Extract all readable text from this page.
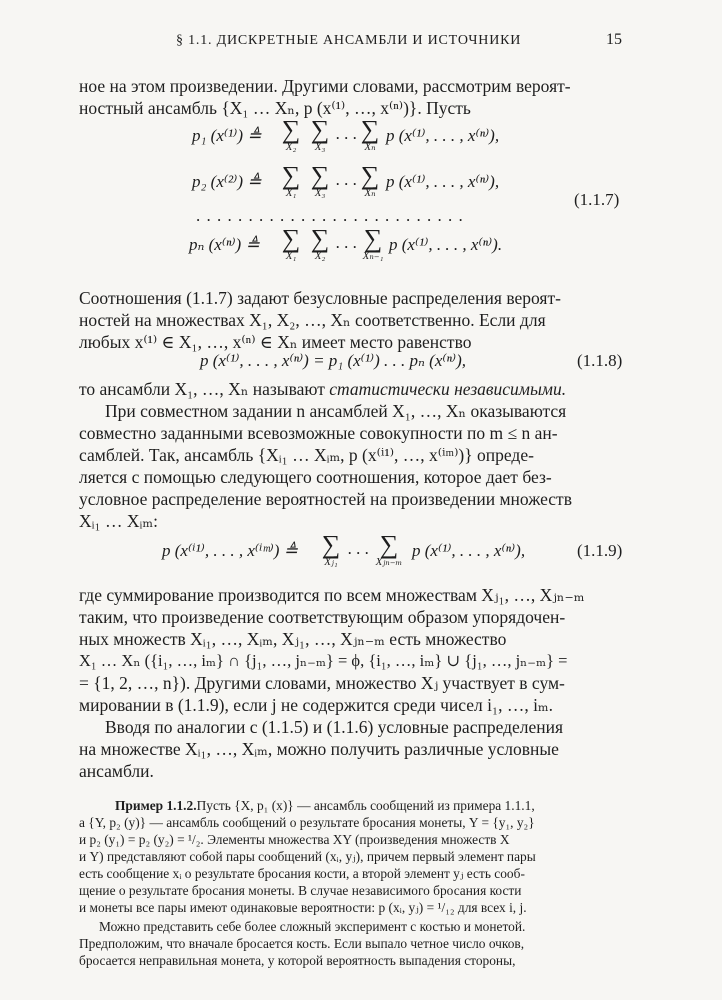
§ 1.1. ДИСКРЕТНЫЕ АНСАМБЛИ И ИСТОЧНИКИ	15
ное на этом произведении. Другими словами, рассмотрим вероят-
ностный ансамбль {X₁ … Xₙ, p (x⁽¹⁾, …, x⁽ⁿ⁾)}. Пусть
p₁ (x⁽¹⁾) ≜ ∑
X₂
∑
X₃
. . . ∑
Xₙ
p (x⁽¹⁾, . . . , x⁽ⁿ⁾),
p₂ (x⁽²⁾) ≜ ∑
X₁
∑
X₃
. . . ∑
Xₙ
p (x⁽¹⁾, . . . , x⁽ⁿ⁾),
(1.1.7)
. . . . . . . . . . . . . . . . . . . . . . . . . .
pₙ (x⁽ⁿ⁾) ≜ ∑
X₁
∑
X₂
. . . ∑
Xₙ₋₁
p (x⁽¹⁾, . . . , x⁽ⁿ⁾).
Соотношения (1.1.7) задают безусловные распределения вероят-
ностей на множествах X₁, X₂, …, Xₙ соответственно. Если для
любых x⁽¹⁾ ∈ X₁, …, x⁽ⁿ⁾ ∈ Xₙ имеет место равенство
p (x⁽¹⁾, . . . , x⁽ⁿ⁾) = p₁ (x⁽¹⁾) . . . pₙ (x⁽ⁿ⁾),	(1.1.8)
то ансамбли X₁, …, Xₙ называют статистически независимыми.
При совместном задании n ансамблей X₁, …, Xₙ оказываются
совместно заданными всевозможные совокупности по m ≤ n ан-
самблей. Так, ансамбль {Xᵢ₁ … Xᵢₘ, p (x⁽ⁱ¹⁾, …, x⁽ⁱᵐ⁾)} опреде-
ляется с помощью следующего соотношения, которое дает без-
условное распределение вероятностей на произведении множеств
Xᵢ₁ … Xᵢₘ:
p (x⁽ⁱ¹⁾, . . . , x⁽ⁱᵐ⁾) ≜ ∑
Xⱼ₁
. . . ∑
Xⱼₙ₋ₘ
p (x⁽¹⁾, . . . , x⁽ⁿ⁾),	(1.1.9)
где суммирование производится по всем множествам Xⱼ₁, …, Xⱼₙ₋ₘ
таким, что произведение соответствующим образом упорядочен-
ных множеств Xᵢ₁, …, Xᵢₘ, Xⱼ₁, …, Xⱼₙ₋ₘ есть множество
X₁ … Xₙ ({i₁, …, iₘ} ∩ {j₁, …, jₙ₋ₘ} = ϕ, {i₁, …, iₘ} ∪ {j₁, …, jₙ₋ₘ} =
= {1, 2, …, n}). Другими словами, множество Xⱼ участвует в сум-
мировании в (1.1.9), если j не содержится среди чисел i₁, …, iₘ.
Вводя по аналогии с (1.1.5) и (1.1.6) условные распределения
на множестве Xᵢ₁, …, Xᵢₘ, можно получить различные условные
ансамбли.
Пример 1.1.2.Пусть {X, p₁ (x)} — ансамбль сообщений из примера 1.1.1,
а {Y, p₂ (y)} — ансамбль сообщений о результате бросания монеты, Y = {y₁, y₂}
и p₂ (y₁) = p₂ (y₂) = ¹/₂. Элементы множества XY (произведения множеств X
и Y) представляют собой пары сообщений (xᵢ, yⱼ), причем первый элемент пары
есть сообщение xᵢ о результате бросания кости, а второй элемент yⱼ есть сооб-
щение о результате бросания монеты. В случае независимого бросания кости
и монеты все пары имеют одинаковые вероятности: p (xᵢ, yⱼ) = ¹/₁₂ для всех i, j.
Можно представить себе более сложный эксперимент с костью и монетой.
Предположим, что вначале бросается кость. Если выпало четное число очков,
бросается неправильная монета, у которой вероятность выпадения стороны,
